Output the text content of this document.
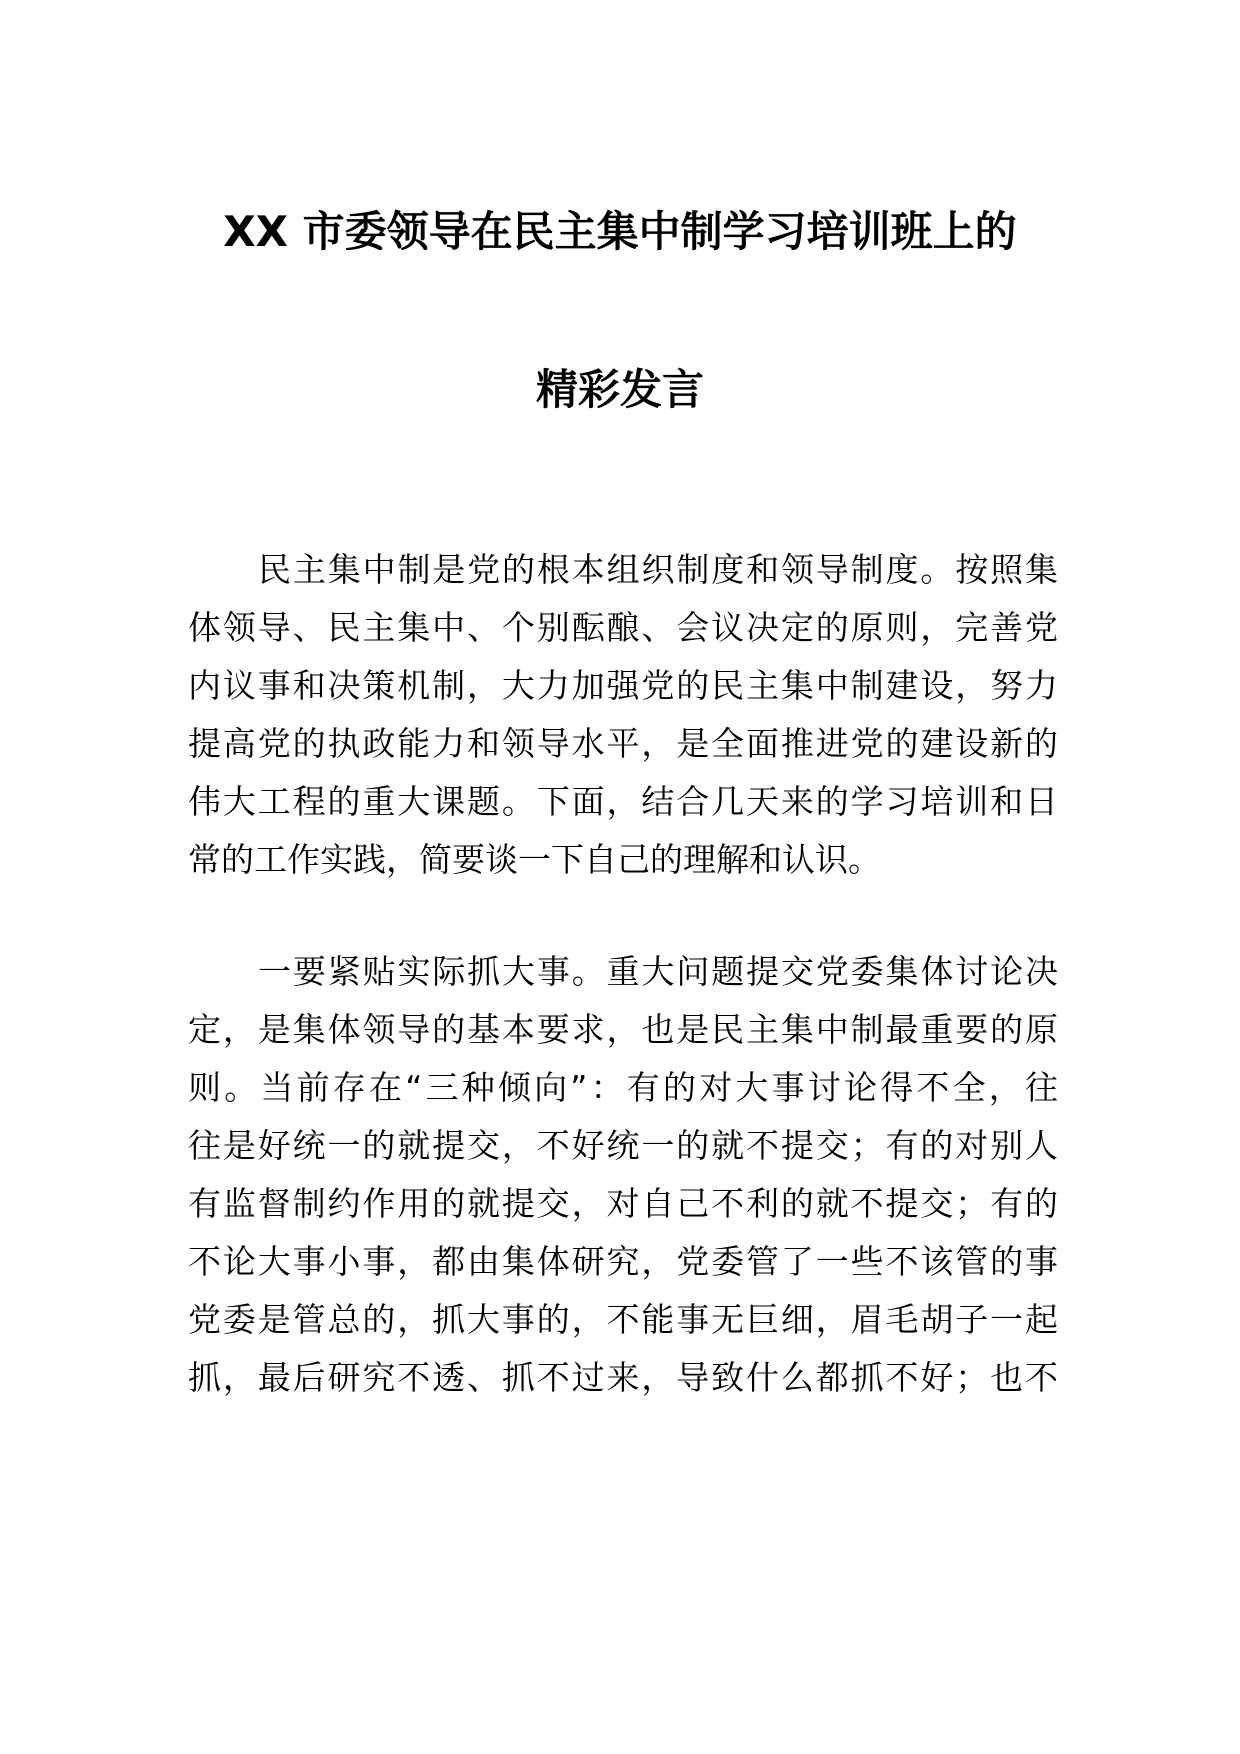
XX 市委领导在民主集中制学习培训班上的
精彩发言
民主集中制是党的根本组织制度和领导制度。按照集
体领导、民主集中、个别酝酿、会议决定的原则，完善党
内议事和决策机制，大力加强党的民主集中制建设，努力
提高党的执政能力和领导水平，是全面推进党的建设新的
伟大工程的重大课题。下面，结合几天来的学习培训和日
常的工作实践，简要谈一下自己的理解和认识。
一要紧贴实际抓大事。重大问题提交党委集体讨论决
定，是集体领导的基本要求，也是民主集中制最重要的原
则。当前存在“三种倾向”：有的对大事讨论得不全，往
往是好统一的就提交，不好统一的就不提交；有的对别人
有监督制约作用的就提交，对自己不利的就不提交；有的
不论大事小事，都由集体研究，党委管了一些不该管的事
党委是管总的，抓大事的，不能事无巨细，眉毛胡子一起
抓，最后研究不透、抓不过来，导致什么都抓不好；也不
